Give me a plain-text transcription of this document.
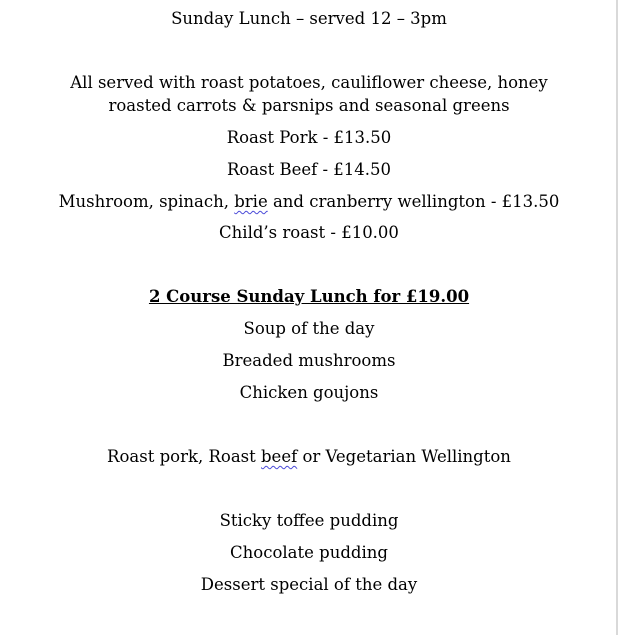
Sunday Lunch – served 12 – 3pm
All served with roast potatoes, cauliflower cheese, honey
roasted carrots & parsnips and seasonal greens
Roast Pork - £13.50
Roast Beef - £14.50
Mushroom, spinach, brie and cranberry wellington - £13.50
Child’s roast - £10.00
2 Course Sunday Lunch for £19.00
Soup of the day
Breaded mushrooms
Chicken goujons
Roast pork, Roast beef or Vegetarian Wellington
Sticky toffee pudding
Chocolate pudding
Dessert special of the day
